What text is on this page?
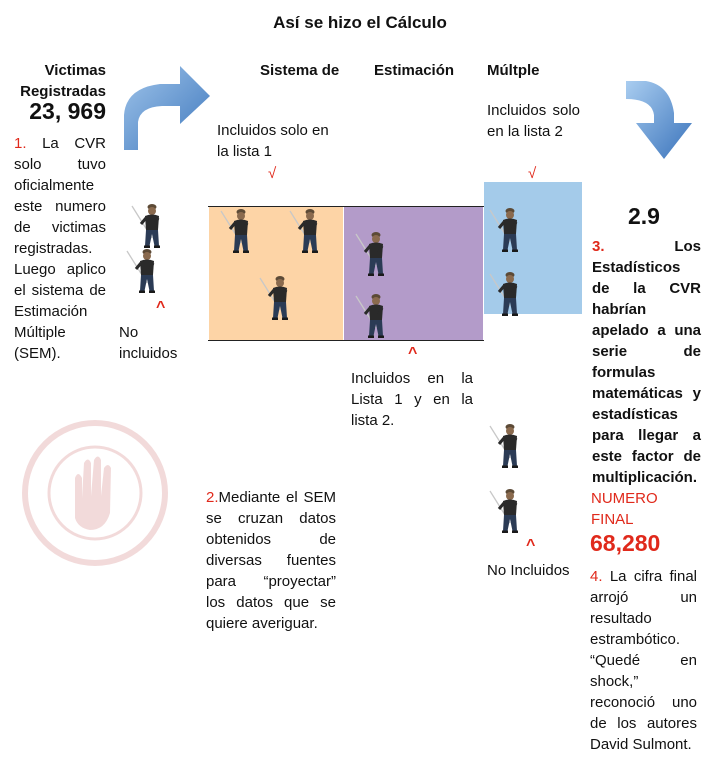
Así se hizo el Cálculo
Victimas Registradas
23, 969
1. La CVR solo tuvo oficialmente este numero de victimas registradas. Luego aplico el sistema de Estimación Múltiple (SEM).
^
No incluidos
Sistema de Estimación Múltple
Incluidos solo en la lista 1
√
Incluidos solo en la lista 2
√
^
Incluidos en la Lista 1 y en la lista 2.
^
No Incluidos
2.Mediante el SEM se cruzan datos obtenidos de diversas fuentes para “proyectar” los datos que se quiere averiguar.
2.9
3. Los Estadísticos de la CVR habrían apelado a una serie de formulas matemáticas y estadísticas para llegar a este factor de multiplicación.
NUMERO FINAL
68,280
4. La cifra final arrojó un resultado estrambótico. “Quedé en shock,” reconoció uno de los autores David Sulmont.
